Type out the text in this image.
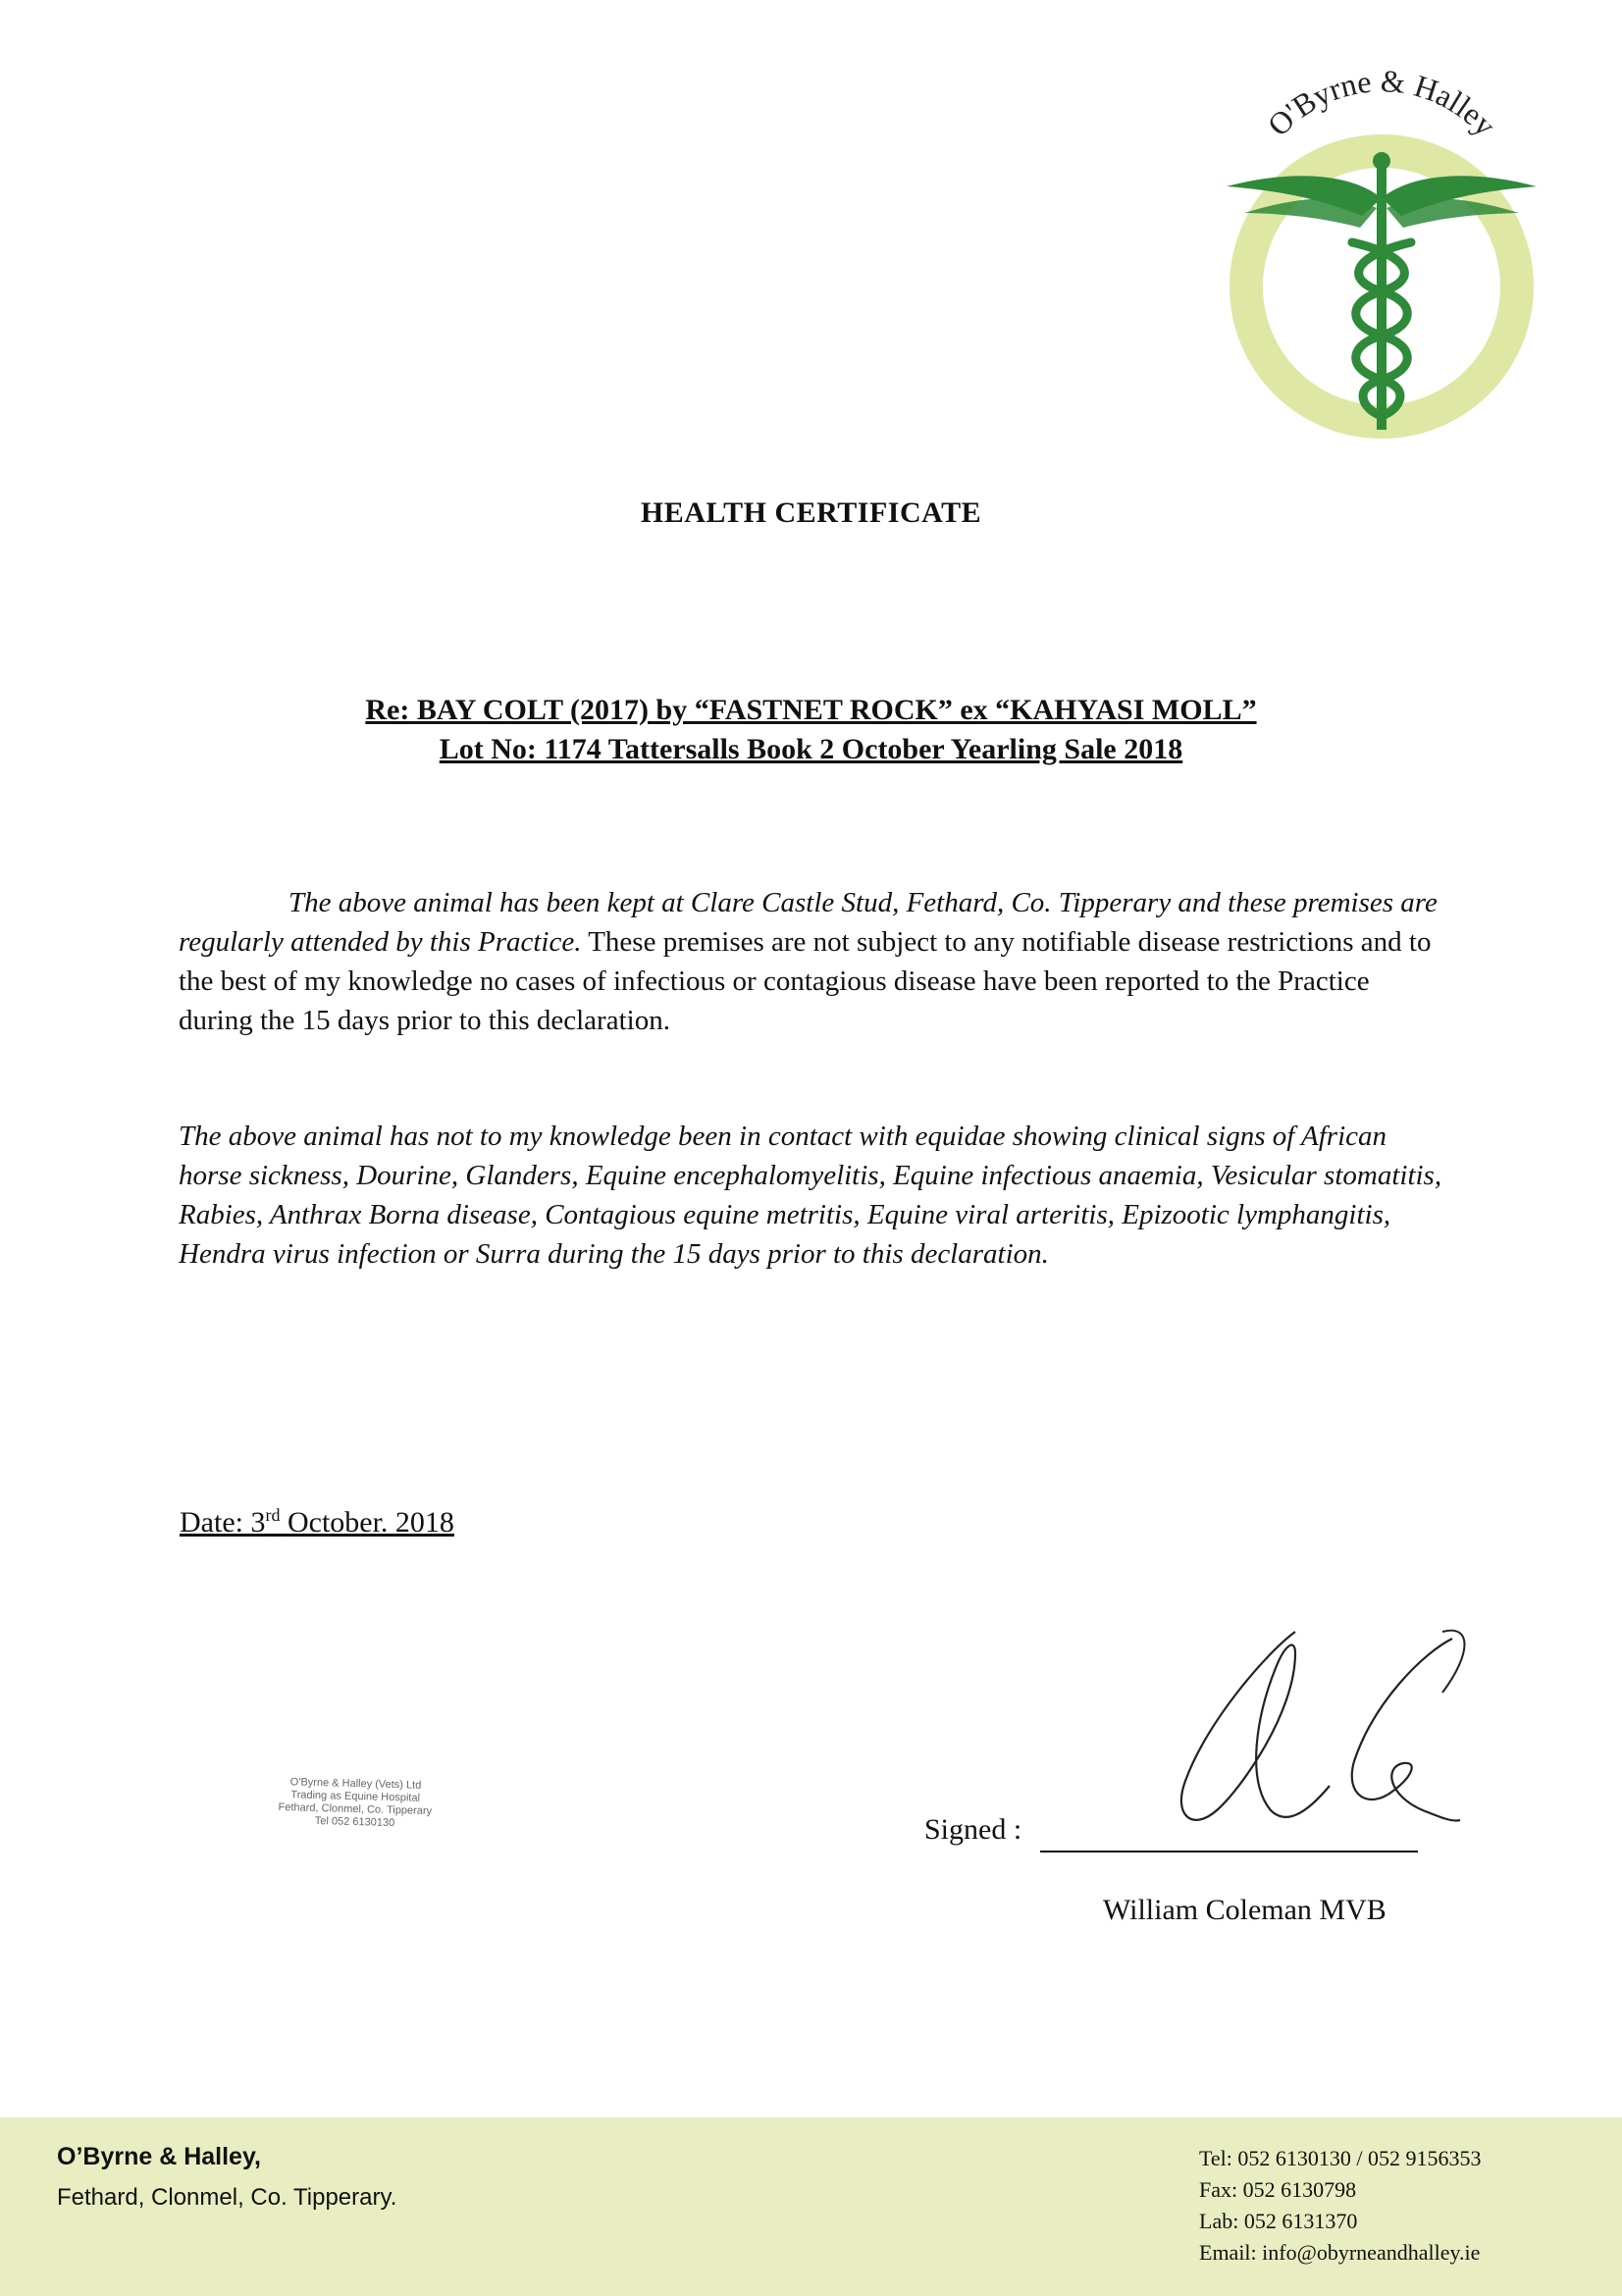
O'Byrne & Halley
HEALTH CERTIFICATE
Re: BAY COLT (2017) by “FASTNET ROCK” ex “KAHYASI MOLL”
Lot No: 1174 Tattersalls Book 2 October Yearling Sale 2018

The above animal has been kept at Clare Castle Stud, Fethard, Co. Tipperary and these premises are regularly attended by this Practice. These premises are not subject to any notifiable disease restrictions and to the best of my knowledge no cases of infectious or contagious disease have been reported to the Practice during the 15 days prior to this declaration.

The above animal has not to my knowledge been in contact with equidae showing clinical signs of African horse sickness, Dourine, Glanders, Equine encephalomyelitis, Equine infectious anaemia, Vesicular stomatitis, Rabies, Anthrax Borna disease, Contagious equine metritis, Equine viral arteritis, Epizootic lymphangitis, Hendra virus infection or Surra during the 15 days prior to this declaration.

Date: 3rd October. 2018
O'Byrne & Halley (Vets) Ltd
Trading as Equine Hospital
Fethard, Clonmel, Co. Tipperary
Tel 052 6130130	Signed :
William Coleman MVB
O’Byrne & Halley,
Fethard, Clonmel, Co. Tipperary.
Tel: 052 6130130 / 052 9156353
Fax: 052 6130798
Lab: 052 6131370
Email: info@obyrneandhalley.ie
